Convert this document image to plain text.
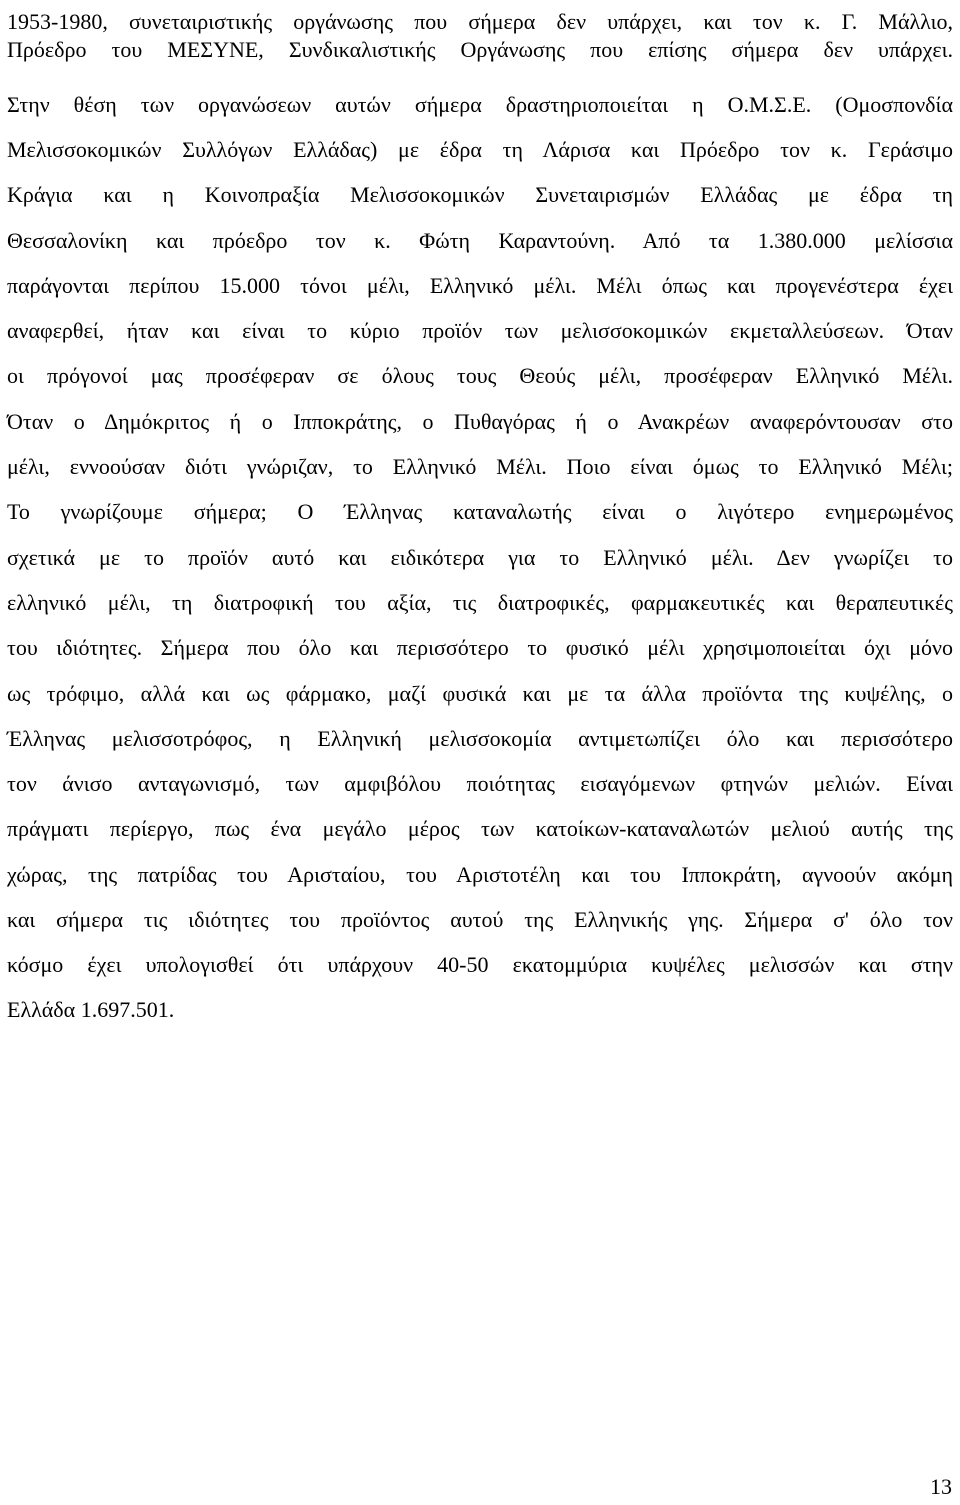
1953-1980, συνεταιριστικής οργάνωσης που σήμερα δεν υπάρχει, και τον κ. Γ. Μάλλιο,
Πρόεδρο του ΜΕΣΥΝΕ, Συνδικαλιστικής Οργάνωσης που επίσης σήμερα δεν υπάρχει.
Στην θέση των οργανώσεων αυτών σήμερα δραστηριοποιείται η Ο.Μ.Σ.Ε. (Ομοσπονδία
Μελισσοκομικών Συλλόγων Ελλάδας) με έδρα τη Λάρισα και Πρόεδρο τον κ. Γεράσιμο
Κράγια και η Κοινοπραξία Μελισσοκομικών Συνεταιρισμών Ελλάδας με έδρα τη
Θεσσαλονίκη και πρόεδρο τον κ. Φώτη Καραντούνη. Από τα 1.380.000 μελίσσια
παράγονται περίπου 15.000 τόνοι μέλι, Ελληνικό μέλι. Μέλι όπως και προγενέστερα έχει
αναφερθεί, ήταν και είναι το κύριο προϊόν των μελισσοκομικών εκμεταλλεύσεων. Όταν
οι πρόγονοί μας προσέφεραν σε όλους τους Θεούς μέλι, προσέφεραν Ελληνικό Μέλι.
Όταν ο Δημόκριτος ή ο Ιπποκράτης, ο Πυθαγόρας ή ο Ανακρέων αναφερόντουσαν στο
μέλι, εννοούσαν διότι γνώριζαν, το Ελληνικό Μέλι. Ποιο είναι όμως το Ελληνικό Μέλι;
Το γνωρίζουμε σήμερα; Ο Έλληνας καταναλωτής είναι ο λιγότερο ενημερωμένος
σχετικά με το προϊόν αυτό και ειδικότερα για το Ελληνικό μέλι. Δεν γνωρίζει το
ελληνικό μέλι, τη διατροφική του αξία, τις διατροφικές, φαρμακευτικές και θεραπευτικές
του ιδιότητες. Σήμερα που όλο και περισσότερο το φυσικό μέλι χρησιμοποιείται όχι μόνο
ως τρόφιμο, αλλά και ως φάρμακο, μαζί φυσικά και με τα άλλα προϊόντα της κυψέλης, ο
Έλληνας μελισσοτρόφος, η Ελληνική μελισσοκομία αντιμετωπίζει όλο και περισσότερο
τον άνισο ανταγωνισμό, των αμφιβόλου ποιότητας εισαγόμενων φτηνών μελιών. Είναι
πράγματι περίεργο, πως ένα μεγάλο μέρος των κατοίκων-καταναλωτών μελιού αυτής της
χώρας, της πατρίδας του Αρισταίου, του Αριστοτέλη και του Ιπποκράτη, αγνοούν ακόμη
και σήμερα τις ιδιότητες του προϊόντος αυτού της Ελληνικής γης. Σήμερα σ' όλο τον
κόσμο έχει υπολογισθεί ότι υπάρχουν 40-50 εκατομμύρια κυψέλες μελισσών και στην
Ελλάδα 1.697.501.
13
